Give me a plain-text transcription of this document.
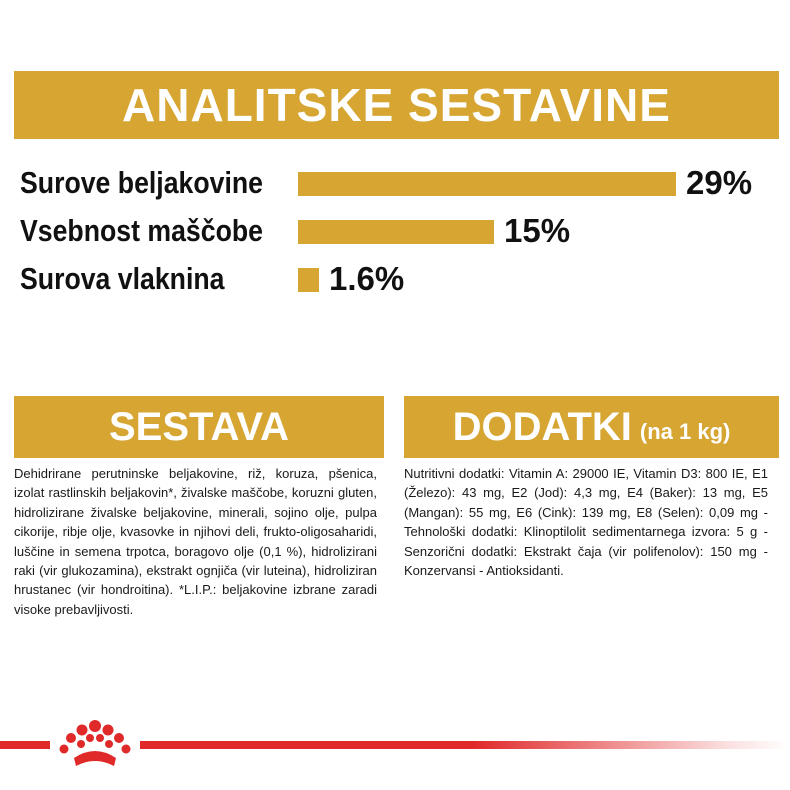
ANALITSKE SESTAVINE
Surove beljakovine	29%
Vsebnost maščobe	15%
Surova vlaknina	1.6%
SESTAVA
Dehidrirane perutninske beljakovine, riž, koruza, pšenica, izolat rastlinskih beljakovin*, živalske maščobe, koruzni gluten, hidrolizirane živalske beljakovine, minerali, sojino olje, pulpa cikorije, ribje olje, kvasovke in njihovi deli, frukto-oligosaharidi, luščine in semena trpotca, boragovo olje (0,1 %), hidrolizirani raki (vir glukozamina), ekstrakt ognjiča (vir luteina), hidroliziran hrustanec (vir hondroitina). *L.I.P.: beljakovine izbrane zaradi visoke prebavljivosti.
DODATKI (na 1 kg)
Nutritivni dodatki: Vitamin A: 29000 IE, Vitamin D3: 800 IE, E1 (Železo): 43 mg, E2 (Jod): 4,3 mg, E4 (Baker): 13 mg, E5 (Mangan): 55 mg, E6 (Cink): 139 mg, E8 (Selen): 0,09 mg - Tehnološki dodatki: Klinoptilolit sedimentarnega izvora: 5 g - Senzorični dodatki: Ekstrakt čaja (vir polifenolov): 150 mg - Konzervansi - Antioksidanti.
